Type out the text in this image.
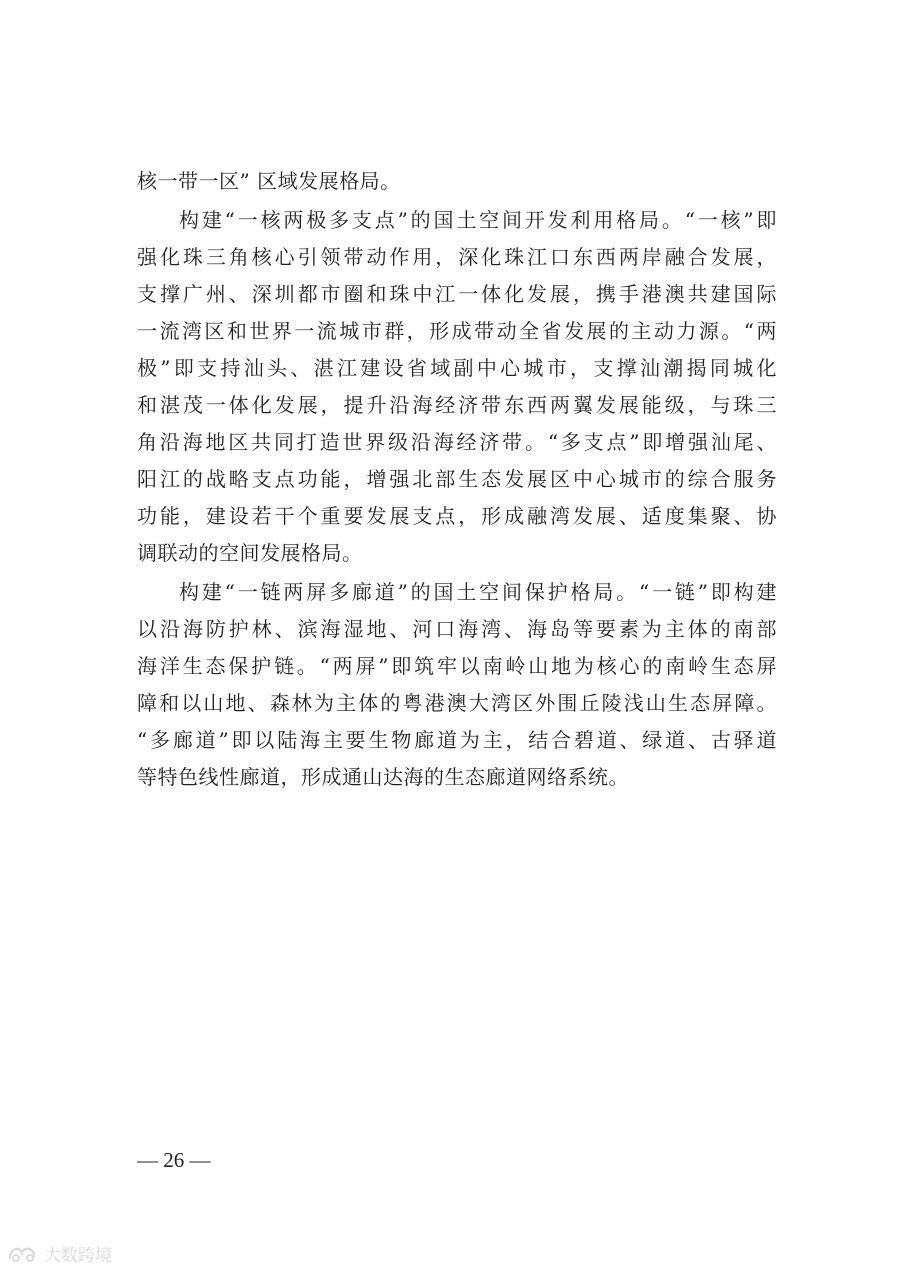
核一带一区” 区域发展格局。
构建“一核两极多支点”的国土空间开发利用格局。“一核”即
强化珠三角核心引领带动作用，深化珠江口东西两岸融合发展，
支撑广州、深圳都市圈和珠中江一体化发展，携手港澳共建国际
一流湾区和世界一流城市群，形成带动全省发展的主动力源。“两
极”即支持汕头、湛江建设省域副中心城市，支撑汕潮揭同城化
和湛茂一体化发展，提升沿海经济带东西两翼发展能级，与珠三
角沿海地区共同打造世界级沿海经济带。“多支点”即增强汕尾、
阳江的战略支点功能，增强北部生态发展区中心城市的综合服务
功能，建设若干个重要发展支点，形成融湾发展、适度集聚、协
调联动的空间发展格局。
构建“一链两屏多廊道”的国土空间保护格局。“一链”即构建
以沿海防护林、滨海湿地、河口海湾、海岛等要素为主体的南部
海洋生态保护链。“两屏”即筑牢以南岭山地为核心的南岭生态屏
障和以山地、森林为主体的粤港澳大湾区外围丘陵浅山生态屏障。
“多廊道”即以陆海主要生物廊道为主，结合碧道、绿道、古驿道
等特色线性廊道，形成通山达海的生态廊道网络系统。
— 26 —
大数跨境
